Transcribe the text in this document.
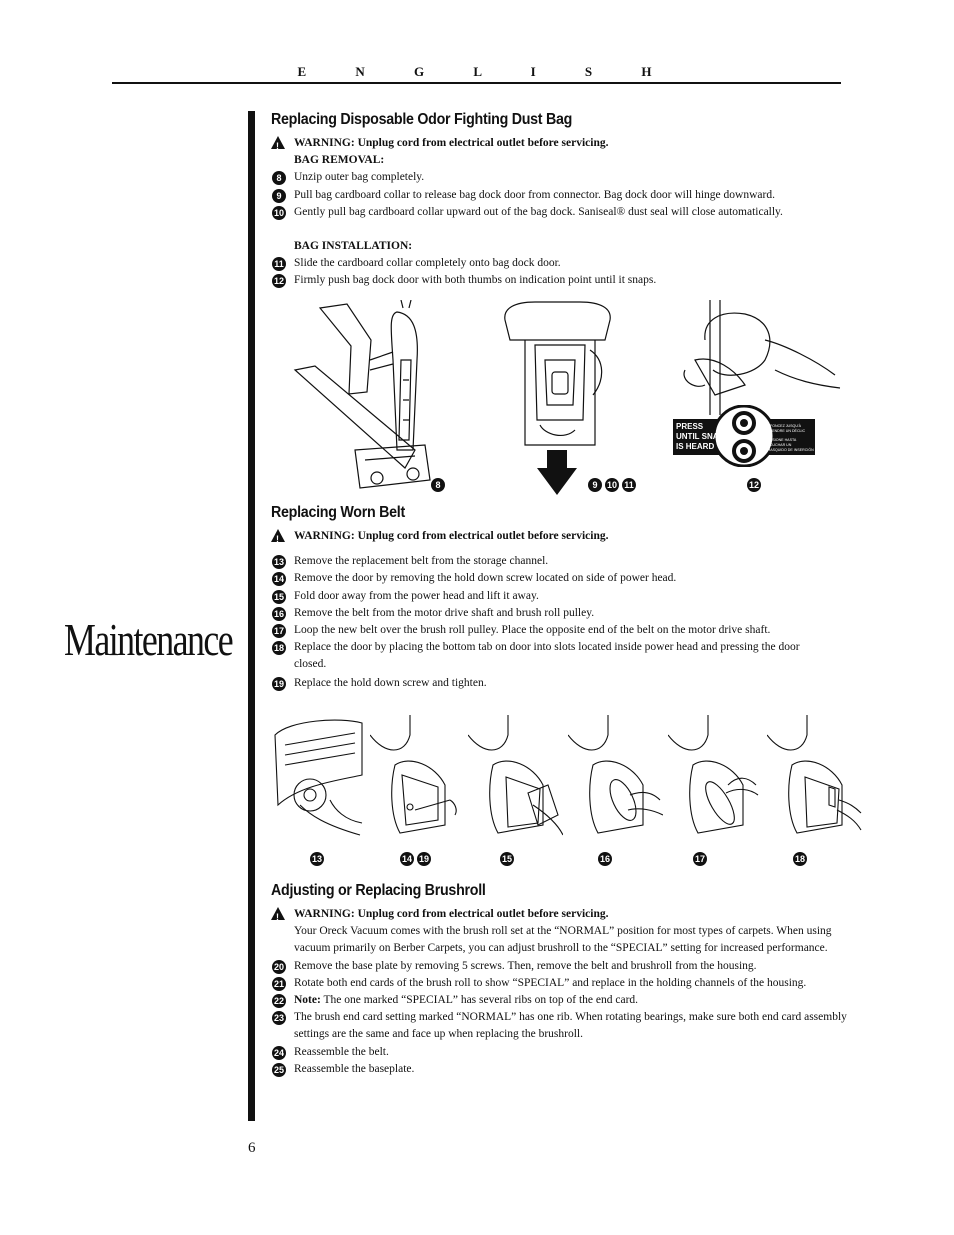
E N G L I S H
Maintenance
6
Replacing Disposable Odor Fighting Dust Bag
!
WARNING: Unplug cord from electrical outlet before servicing.
BAG REMOVAL:
8	Unzip outer bag completely.
9	Pull bag cardboard collar to release bag dock door from connector. Bag dock door will hinge downward.
10 Gently pull bag cardboard collar upward out of the bag dock. Saniseal® dust seal will close automatically.
BAG INSTALLATION:
11 Slide the cardboard collar completely onto bag dock door.
12 Firmly push bag dock door with both thumbs on indication point until it snaps.
8	9	10 11
PRESS
UNTIL SNAP
IS HEARD
ENFONCEZ JUSQU'À
ENTENDRE UN DÉCLIC
PRESIONE HASTA
ESCUCHAR UN
CHASQUIDO DE INSERCIÓN
12
Replacing Worn Belt
!
WARNING: Unplug cord from electrical outlet before servicing.
13 Remove the replacement belt from the storage channel.
14 Remove the door by removing the hold down screw located on side of power head.
15 Fold door away from the power head and lift it away.
16 Remove the belt from the motor drive shaft and brush roll pulley.
17 Loop the new belt over the brush roll pulley. Place the opposite end of the belt on the motor drive shaft.
18 Replace the door by placing the bottom tab on door into slots located inside power head and pressing the door closed.
19 Replace the hold down screw and tighten.
13	14 19	15	16	17	18
Adjusting or Replacing Brushroll
!
WARNING: Unplug cord from electrical outlet before servicing.
Your Oreck Vacuum comes with the brush roll set at the “NORMAL” position for most types of carpets. When using vacuum primarily on Berber Carpets, you can adjust brushroll to the “SPECIAL” setting for increased performance.
20 Remove the base plate by removing 5 screws. Then, remove the belt and brushroll from the housing.
21 Rotate both end cards of the brush roll to show “SPECIAL” and replace in the holding channels of the housing.
22 Note: The one marked “SPECIAL” has several ribs on top of the end card.
23 The brush end card setting marked “NORMAL” has one rib. When rotating bearings, make sure both end card assembly settings are the same and face up when replacing the brushroll.
24 Reassemble the belt.
25 Reassemble the baseplate.
